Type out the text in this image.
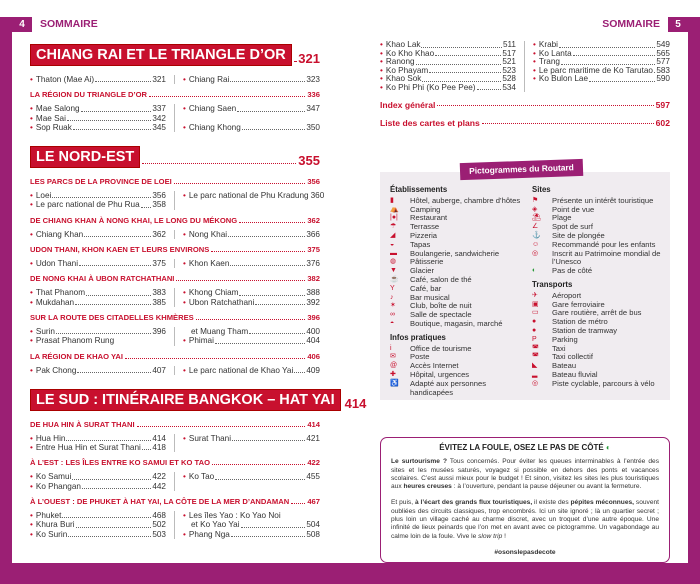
4	SOMMAIRE	5
SOMMAIRE
CHIANG RAI ET LE TRIANGLE D’OR 321
• Thaton (Mae Ai)	321 • Chiang Rai	323
LA RÉGION DU TRIANGLE D’OR	336
• Mae Salong	337
• Mae Sai	342
• Sop Ruak	345
• Chiang Saen	347
• Chiang Khong	350
LE NORD-EST	355
LES PARCS DE LA PROVINCE DE LOEI	356
• Loei	356
• Le parc national de Phu Rua 358
• Le parc national de Phu Kradung 360
DE CHIANG KHAN À NONG KHAI, LE LONG DU MÉKONG	362
• Chiang Khan	362 • Nong Khai	366
UDON THANI, KHON KAEN ET LEURS ENVIRONS	375
• Udon Thani	375 • Khon Kaen	376
DE NONG KHAI À UBON RATCHATHANI	382
• That Phanom	383
• Mukdahan	385
• Khong Chiam	388
• Ubon Ratchathani	392
SUR LA ROUTE DES CITADELLES KHMÈRES	396
• Surin	396
• Prasat Phanom Rung
et Muang Tham	400
• Phimai	404
LA RÉGION DE KHAO YAI	406
• Pak Chong	407 • Le parc national de Khao Yai 409
LE SUD : ITINÉRAIRE BANGKOK – HAT YAI 414
DE HUA HIN À SURAT THANI	414
• Hua Hin	414
• Entre Hua Hin et Surat Thani 418
• Surat Thani	421
À L’EST : LES ÎLES ENTRE KO SAMUI ET KO TAO	422
• Ko Samui	422
• Ko Phangan	442
• Ko Tao	455
À L’OUEST : DE PHUKET À HAT YAI, LA CÔTE DE LA MER D’ANDAMAN 467
• Phuket	468
• Khura Buri	502
• Ko Surin	503
• Les îles Yao : Ko Yao Noi
et Ko Yao Yai	504
• Phang Nga	508
• Khao Lak	511
• Ko Kho Khao	517
• Ranong	521
• Ko Phayam	523
• Khao Sok	528
• Ko Phi Phi (Ko Pee Pee)	534
• Krabi	549
• Ko Lanta	565
• Trang	577
• Le parc maritime de Ko Tarutao 583
• Ko Bulon Lae	590
Index général	597
Liste des cartes et plans	602
Établissements
▮	Hôtel, auberge, chambre d’hôtes
⛺	Camping
|●|	Restaurant
☂	Terrasse
◢	Pizzeria
◒	Tapas
▬	Boulangerie, sandwicherie
◍	Pâtisserie
▼	Glacier
☕	Café, salon de thé
Y	Café, bar
♪	Bar musical
✶	Club, boîte de nuit
∞	Salle de spectacle
◓	Boutique, magasin, marché
Infos pratiques
i	Office de tourisme
✉	Poste
@	Accès Internet
✚	Hôpital, urgences
♿	Adapté aux personnes handicapées
Sites
⚑	Présente un intérêt touristique
◈	Point de vue
⛱	Plage
∠	Spot de surf
⚓	Site de plongée
☺	Recommandé pour les enfants
◎	Inscrit au Patrimoine mondial de l’Unesco
◐	Pas de côté
Transports
✈	Aéroport
▣	Gare ferroviaire
▭	Gare routière, arrêt de bus
●	Station de métro
●	Station de tramway
P	Parking
◚	Taxi
◚	Taxi collectif
◣	Bateau
▂	Bateau fluvial
◎	Piste cyclable, parcours à vélo
Pictogrammes du Routard
ÉVITEZ LA FOULE, OSEZ LE PAS DE CÔTÉ ◐

Le surtourisme ? Tous concernés. Pour éviter les queues interminables à l’entrée des sites et les musées saturés, voyagez si possible en dehors des ponts et vacances scolaires. C’est aussi mieux pour le budget ! Et sinon, visitez les sites les plus touristiques aux heures creuses : à l’ouverture, pendant la pause déjeuner ou avant la fermeture.

Et puis, à l’écart des grands flux touristiques, il existe des pépites méconnues, souvent oubliées des circuits classiques, trop encombrés. Ici un site ignoré ; là un quartier secret ; plus loin un village caché au charme discret, avec un troquet d’une autre époque. Une infinité de lieux peinards que l’on met en avant avec ce pictogramme. Un vagabondage au calme loin de la foule. Vive le slow trip !

#osonslepasdecote
